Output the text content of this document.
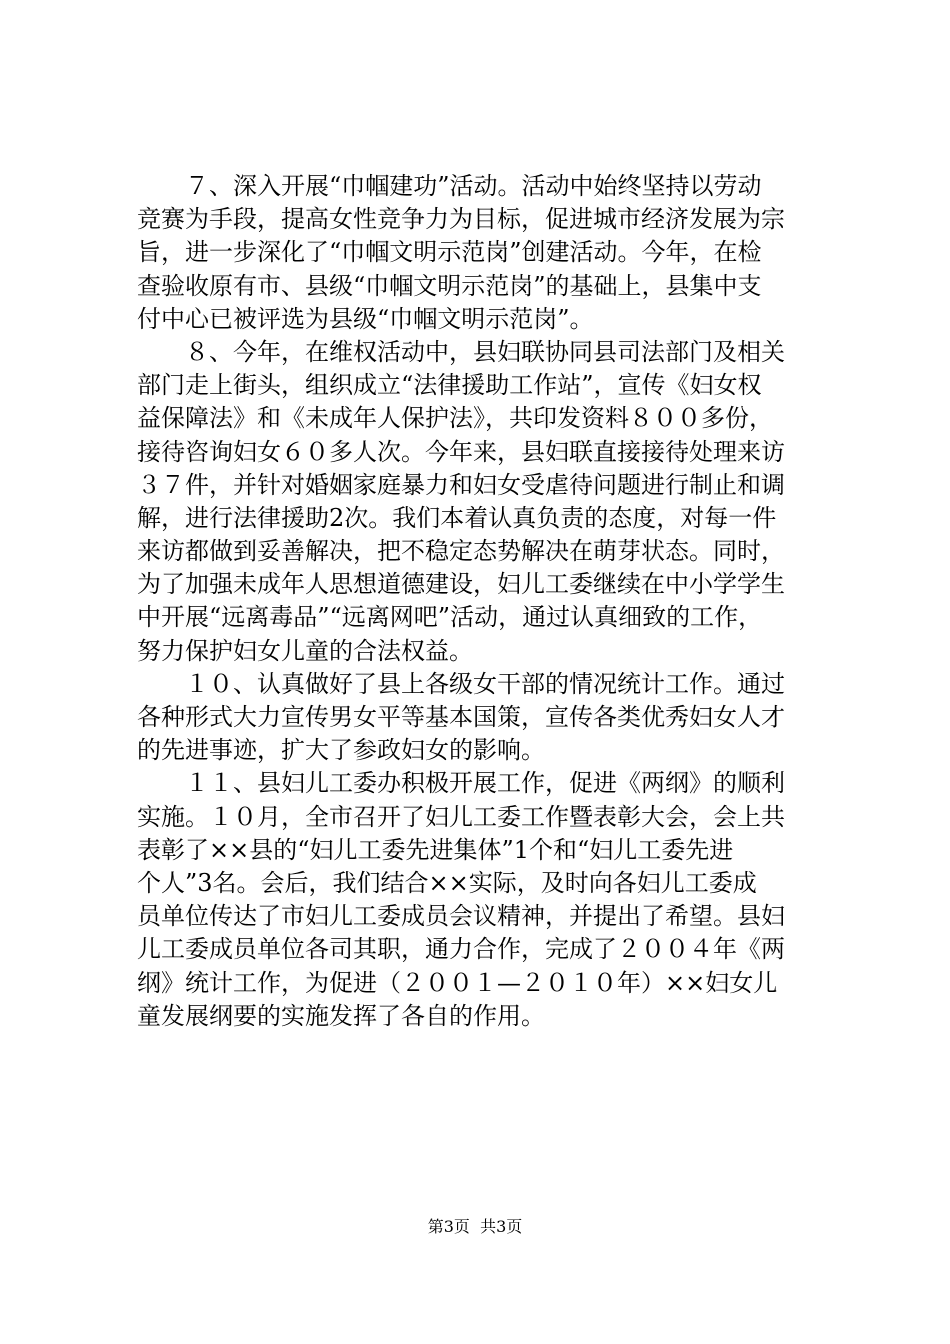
７、深入开展“巾帼建功”活动。活动中始终坚持以劳动
竞赛为手段，提高女性竞争力为目标，促进城市经济发展为宗
旨，进一步深化了“巾帼文明示范岗”创建活动。今年，在检
查验收原有市、县级“巾帼文明示范岗”的基础上，县集中支
付中心已被评选为县级“巾帼文明示范岗”。
８、今年，在维权活动中，县妇联协同县司法部门及相关
部门走上街头，组织成立“法律援助工作站”，宣传《妇女权
益保障法》和《未成年人保护法》，共印发资料８００多份，
接待咨询妇女６０多人次。今年来，县妇联直接接待处理来访
３７件，并针对婚姻家庭暴力和妇女受虐待问题进行制止和调
解，进行法律援助2次。我们本着认真负责的态度，对每一件
来访都做到妥善解决，把不稳定态势解决在萌芽状态。同时，
为了加强未成年人思想道德建设，妇儿工委继续在中小学学生
中开展“远离毒品”“远离网吧”活动，通过认真细致的工作，
努力保护妇女儿童的合法权益。
１０、认真做好了县上各级女干部的情况统计工作。通过
各种形式大力宣传男女平等基本国策，宣传各类优秀妇女人才
的先进事迹，扩大了参政妇女的影响。
１１、县妇儿工委办积极开展工作，促进《两纲》的顺利
实施。１０月，全市召开了妇儿工委工作暨表彰大会，会上共
表彰了××县的“妇儿工委先进集体”1个和“妇儿工委先进
个人”3名。会后，我们结合××实际，及时向各妇儿工委成
员单位传达了市妇儿工委成员会议精神，并提出了希望。县妇
儿工委成员单位各司其职，通力合作，完成了２００４年《两
纲》统计工作，为促进（２００１—２０１０年）××妇女儿
童发展纲要的实施发挥了各自的作用。
第3页  共3页
